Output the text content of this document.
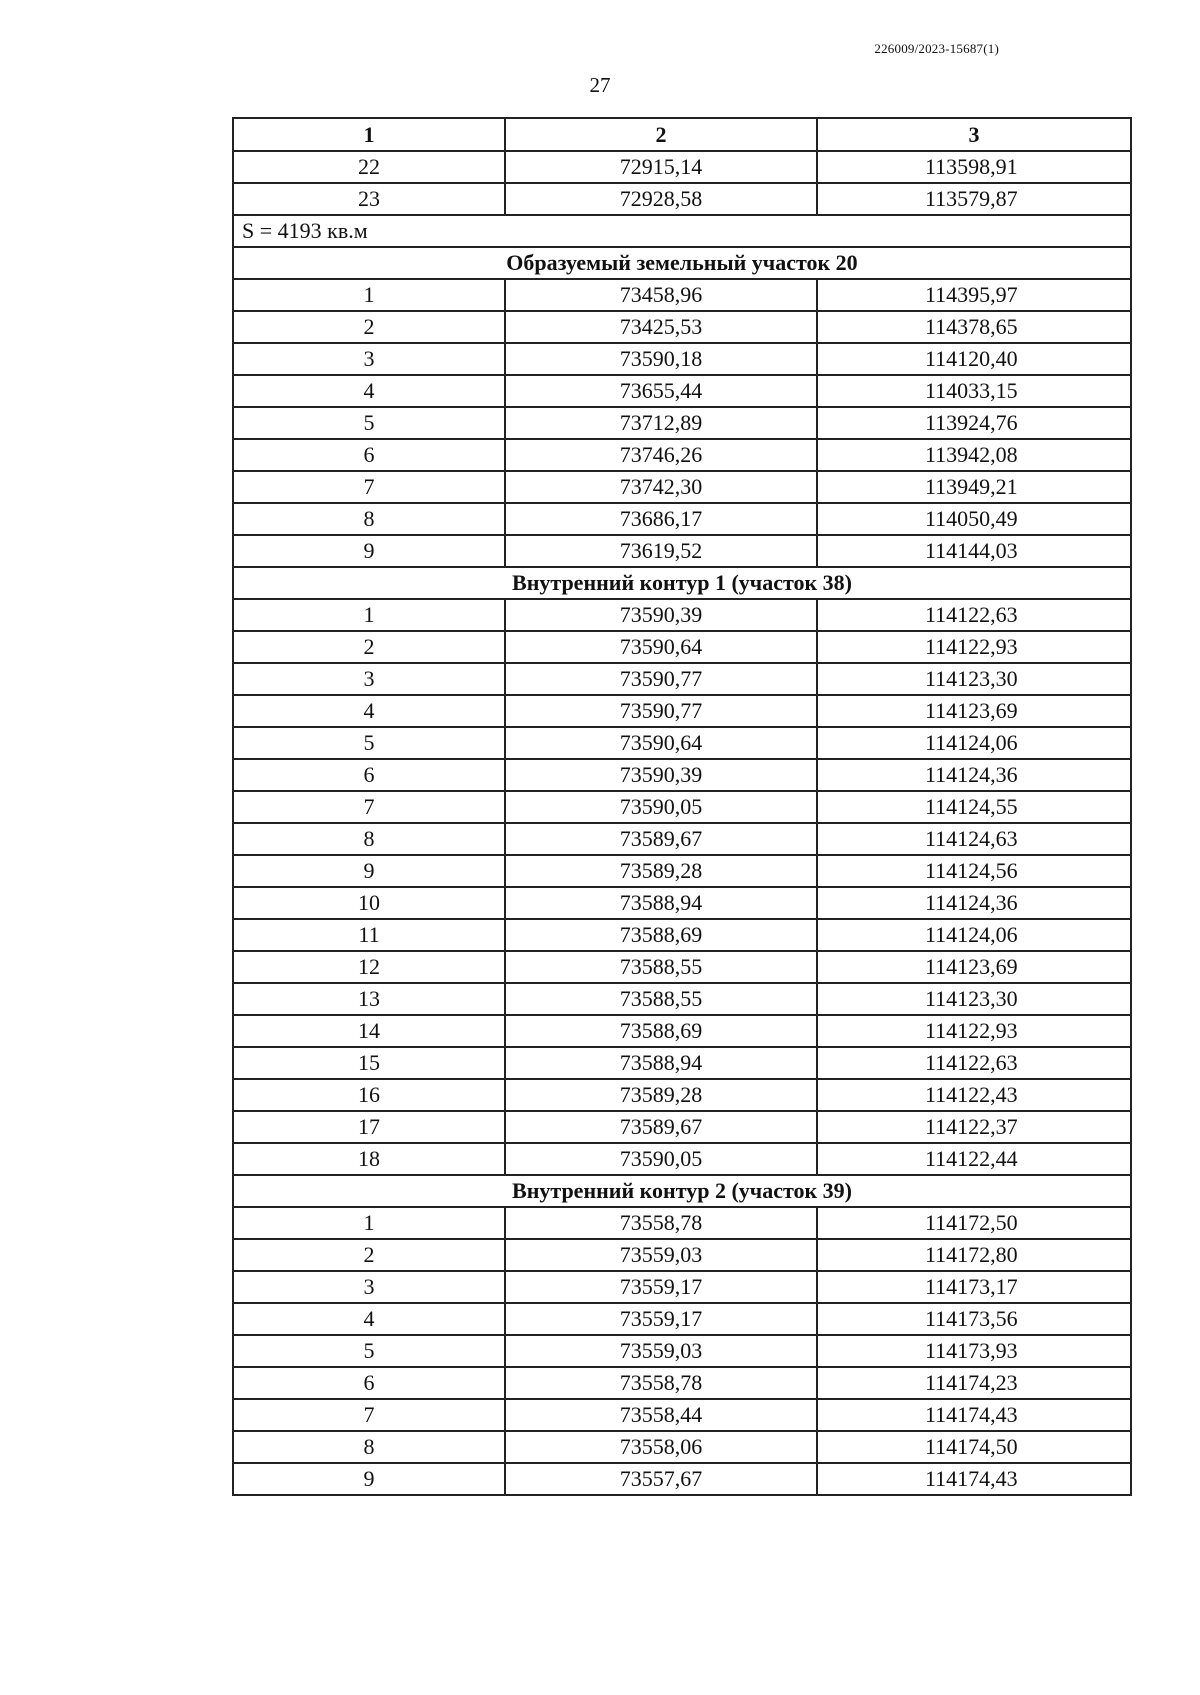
226009/2023-15687(1)
27
1	2	3
22	72915,14	113598,91
23	72928,58	113579,87
S = 4193 кв.м		
Образуемый земельный участок 20		
1	73458,96	114395,97
2	73425,53	114378,65
3	73590,18	114120,40
4	73655,44	114033,15
5	73712,89	113924,76
6	73746,26	113942,08
7	73742,30	113949,21
8	73686,17	114050,49
9	73619,52	114144,03
Внутренний контур 1 (участок 38)		
1	73590,39	114122,63
2	73590,64	114122,93
3	73590,77	114123,30
4	73590,77	114123,69
5	73590,64	114124,06
6	73590,39	114124,36
7	73590,05	114124,55
8	73589,67	114124,63
9	73589,28	114124,56
10	73588,94	114124,36
11	73588,69	114124,06
12	73588,55	114123,69
13	73588,55	114123,30
14	73588,69	114122,93
15	73588,94	114122,63
16	73589,28	114122,43
17	73589,67	114122,37
18	73590,05	114122,44
Внутренний контур 2 (участок 39)		
1	73558,78	114172,50
2	73559,03	114172,80
3	73559,17	114173,17
4	73559,17	114173,56
5	73559,03	114173,93
6	73558,78	114174,23
7	73558,44	114174,43
8	73558,06	114174,50
9	73557,67	114174,43
